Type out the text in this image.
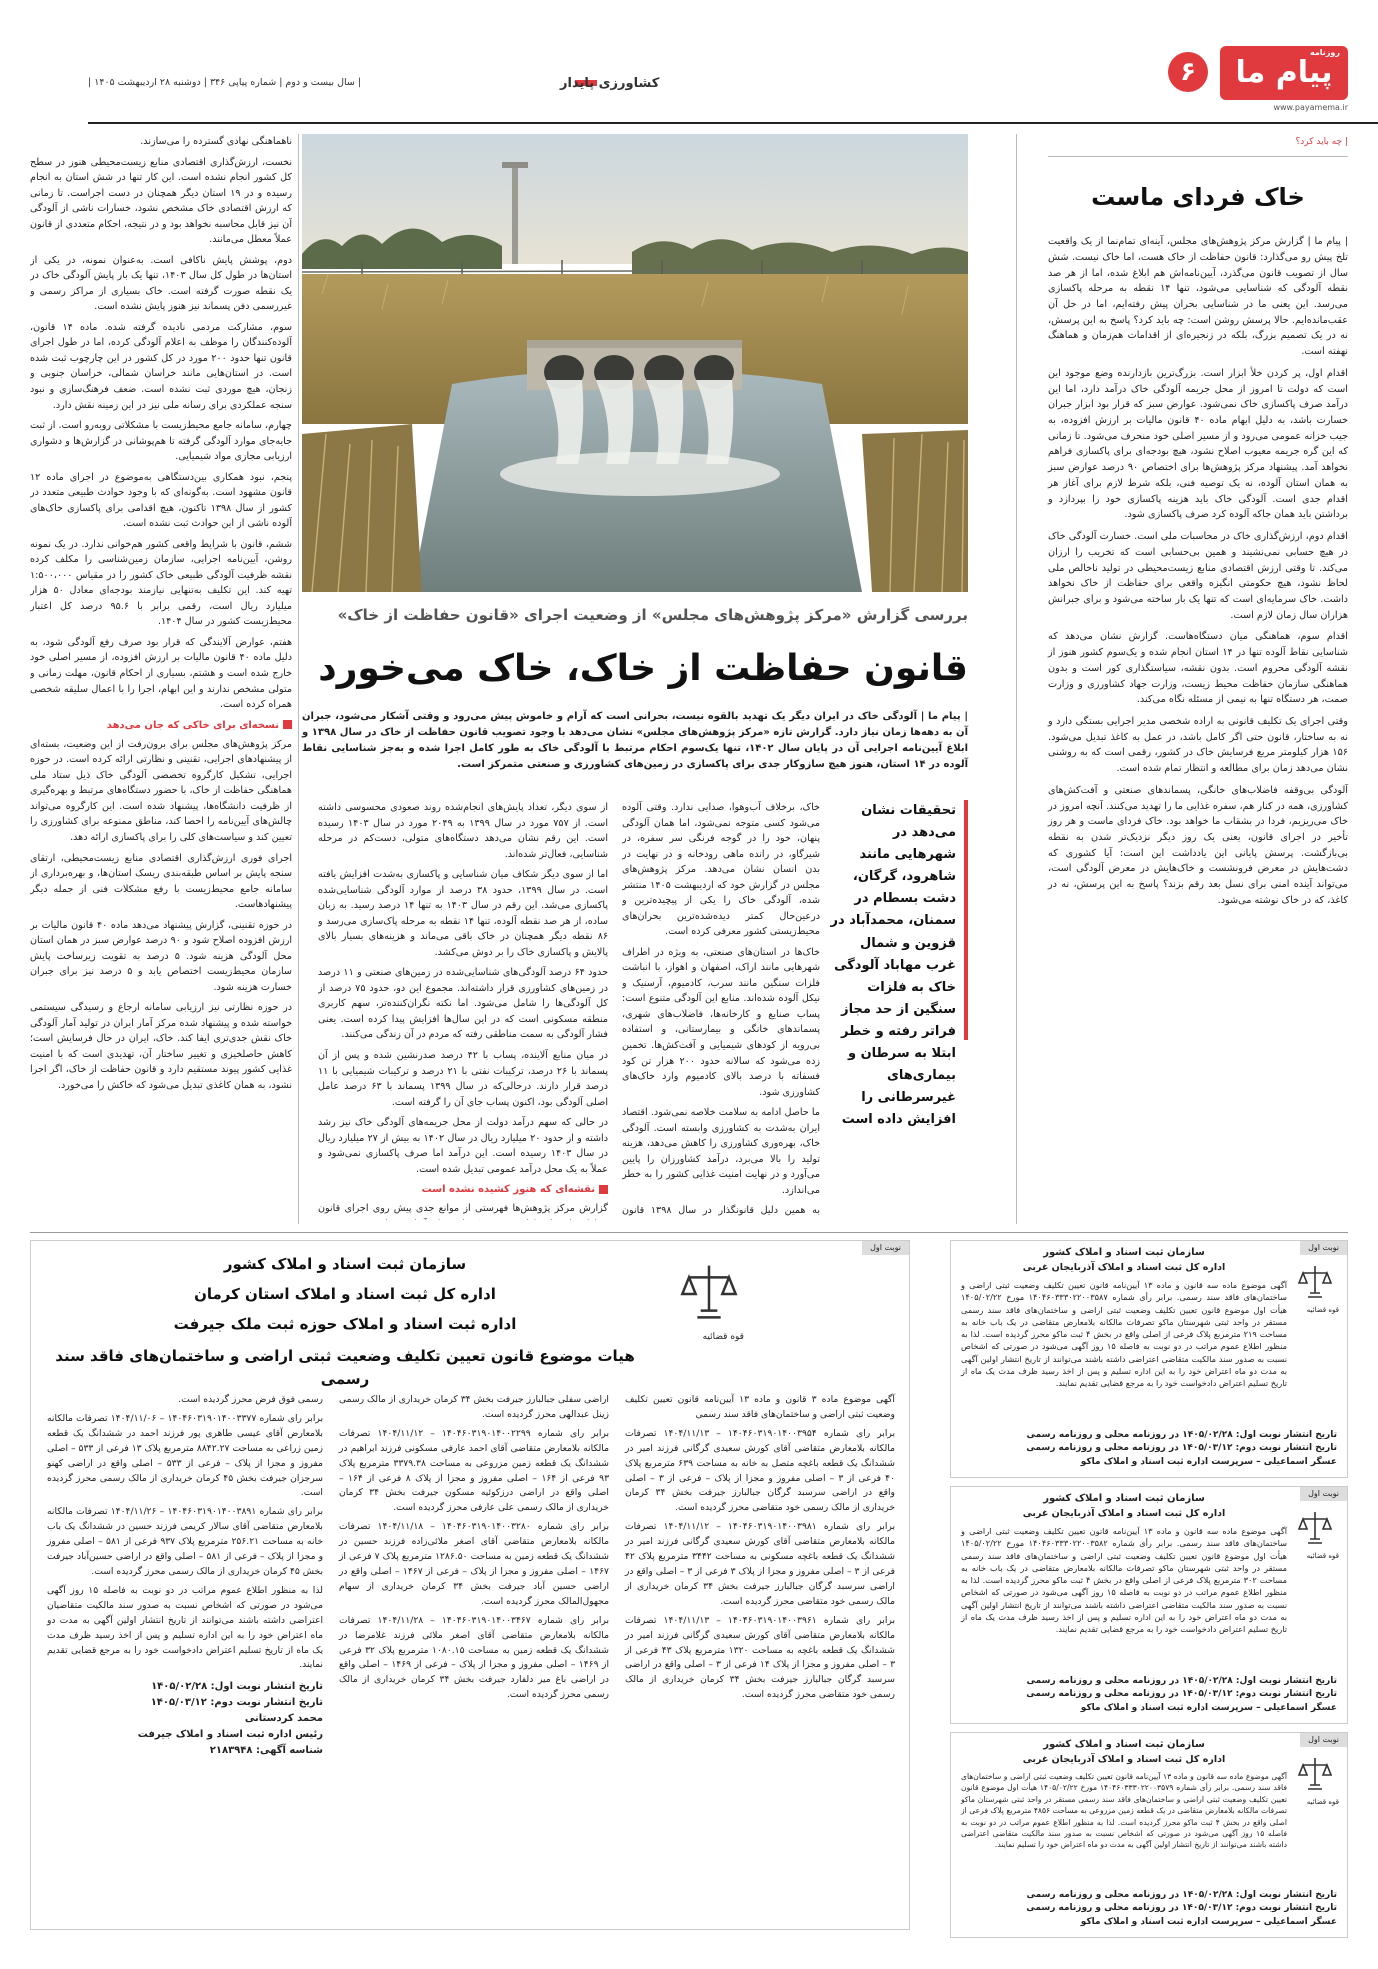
روزنامه
پیام ما
۶
www.payamema.ir
کشاورزی پایدار
| سال بیست و دوم | شماره پیاپی ۳۴۶ | دوشنبه ۲۸ اردیبهشت ۱۴۰۵ |
| چه باید کرد؟
خاک فردای ماست

| پیام ما | گزارش مرکز پژوهش‌های مجلس، آینه‌ای تمام‌نما از یک واقعیت تلخ پیش رو می‌گذارد: قانون حفاظت از خاک هست، اما خاک نیست. شش سال از تصویب قانون می‌گذرد، آیین‌نامه‌اش هم ابلاغ شده، اما از هر صد نقطه آلودگی که شناسایی می‌شود، تنها ۱۴ نقطه به مرحله پاکسازی می‌رسد. این یعنی ما در شناسایی بحران پیش رفته‌ایم، اما در حل آن عقب‌مانده‌ایم. حالا پرسش روشن است: چه باید کرد؟ پاسخ به این پرسش، نه در یک تصمیم بزرگ، بلکه در زنجیره‌ای از اقدامات هم‌زمان و هماهنگ نهفته است.

اقدام اول، پر کردن خلأ ابزار است. بزرگ‌ترین بازدارنده وضع موجود این است که دولت تا امروز از محل جریمه آلودگی خاک درآمد دارد، اما این درآمد صرف پاکسازی خاک نمی‌شود. عوارض سبز که قرار بود ابزار جبران خسارت باشد، به دلیل ابهام ماده ۴۰ قانون مالیات بر ارزش افزوده، به جیب خزانه عمومی می‌رود و از مسیر اصلی خود منحرف می‌شود. تا زمانی که این گره جریمه معیوب اصلاح نشود، هیچ بودجه‌ای برای پاکسازی فراهم نخواهد آمد. پیشنهاد مرکز پژوهش‌ها برای اختصاص ۹۰ درصد عوارض سبز به همان استان آلوده، نه یک توصیه فنی، بلکه شرط لازم برای آغاز هر اقدام جدی است. آلودگی خاک باید هزینه پاکسازی خود را بپردازد و برداشتن باید همان جاکه آلوده کرد صرف پاکسازی شود.

اقدام دوم، ارزش‌گذاری خاک در محاسبات ملی است. خسارت آلودگی خاک در هیچ حسابی نمی‌نشیند و همین بی‌حسابی است که تخریب را ارزان می‌کند. تا وقتی ارزش اقتصادی منابع زیست‌محیطی در تولید ناخالص ملی لحاظ نشود، هیچ حکومتی انگیزه واقعی برای حفاظت از خاک نخواهد داشت. خاک سرمایه‌ای است که تنها یک بار ساخته می‌شود و برای جبرانش هزاران سال زمان لازم است.

اقدام سوم، هماهنگی میان دستگاه‌هاست. گزارش نشان می‌دهد که شناسایی نقاط آلوده تنها در ۱۴ استان انجام شده و یک‌سوم کشور هنوز از نقشه آلودگی محروم است. بدون نقشه، سیاستگذاری کور است و بدون هماهنگی سازمان حفاظت محیط زیست، وزارت جهاد کشاورزی و وزارت صمت، هر دستگاه تنها به نیمی از مسئله نگاه می‌کند.

وقتی اجرای یک تکلیف قانونی به اراده شخصی مدیر اجرایی بستگی دارد و نه به ساختار، قانون حتی اگر کامل باشد، در عمل به کاغذ تبدیل می‌شود. ۱۵۶ هزار کیلومتر مربع فرسایش خاک در کشور، رقمی است که به روشنی نشان می‌دهد زمان برای مطالعه و انتظار تمام شده است.

آلودگی بی‌وقفه فاضلاب‌های خانگی، پسماندهای صنعتی و آفت‌کش‌های کشاورزی، همه در کنار هم، سفره غذایی ما را تهدید می‌کنند. آنچه امروز در خاک می‌ریزیم، فردا در بشقاب ما خواهد بود. خاک فردای ماست و هر روز تأخیر در اجرای قانون، یعنی یک روز دیگر نزدیک‌تر شدن به نقطه بی‌بازگشت. پرسش پایانی این یادداشت این است: آیا کشوری که دشت‌هایش در معرض فرونشست و خاک‌هایش در معرض آلودگی است، می‌تواند آینده امنی برای نسل بعد رقم بزند؟ پاسخ به این پرسش، نه در کاغذ، که در خاک نوشته می‌شود.

بررسی گزارش «مرکز پژوهش‌های مجلس» از وضعیت اجرای «قانون حفاظت از خاک»
قانون حفاظت از خاک، خاک می‌خورد
| پیام ما | آلودگی خاک در ایران دیگر یک تهدید بالقوه نیست، بحرانی است که آرام و خاموش پیش می‌رود و وقتی آشکار می‌شود، جبران آن به دهه‌ها زمان نیاز دارد. گزارش تازه «مرکز پژوهش‌های مجلس» نشان می‌دهد با وجود تصویب قانون حفاظت از خاک در سال ۱۳۹۸ و ابلاغ آیین‌نامه اجرایی آن در پایان سال ۱۴۰۲، تنها یک‌سوم احکام مرتبط با آلودگی خاک به طور کامل اجرا شده و به‌جز شناسایی نقاط آلوده در ۱۴ استان، هنوز هیچ سازوکار جدی برای پاکسازی در زمین‌های کشاورزی و صنعتی متمرکز است.
تحقیقات نشان می‌دهد در شهرهایی مانند شاهرود، گرگان، دشت بسطام در سمنان، محمدآباد در قزوین و شمال غرب مهاباد آلودگی خاک به فلزات سنگین از حد مجاز فراتر رفته و خطر ابتلا به سرطان و بیماری‌های غیرسرطانی را افزایش داده است

خاک، برخلاف آب‌وهوا، صدایی ندارد. وقتی آلوده می‌شود کسی متوجه نمی‌شود، اما همان آلودگی پنهان، خود را در گوجه فرنگی سر سفره، در شیرگاو، در رانده ماهی رودخانه و در نهایت در بدن انسان نشان می‌دهد. مرکز پژوهش‌های مجلس در گزارش خود که اردیبهشت ۱۴۰۵ منتشر شده، آلودگی خاک را یکی از پیچیده‌ترین و درعین‌حال کمتر دیده‌شده‌ترین بحران‌های محیط‌زیستی کشور معرفی کرده است.

خاک‌ها در استان‌های صنعتی، به ویژه در اطراف شهرهایی مانند اراک، اصفهان و اهواز، با انباشت فلزات سنگین مانند سرب، کادمیوم، آرسنیک و نیکل آلوده شده‌اند. منابع این آلودگی متنوع است: پساب صنایع و کارخانه‌ها، فاضلاب‌های شهری، پسماندهای خانگی و بیمارستانی، و استفاده بی‌رویه از کودهای شیمیایی و آفت‌کش‌ها. تخمین زده می‌شود که سالانه حدود ۲۰۰ هزار تن کود فسفاته با درصد بالای کادمیوم وارد خاک‌های کشاورزی شود.

ما حاصل ادامه به سلامت خلاصه نمی‌شود. اقتصاد ایران به‌شدت به کشاورزی وابسته است. آلودگی خاک، بهره‌وری کشاورزی را کاهش می‌دهد، هزینه تولید را بالا می‌برد، درآمد کشاورزان را پایین می‌آورد و در نهایت امنیت غذایی کشور را به خطر می‌اندازد.

به همین دلیل قانونگذار در سال ۱۳۹۸ قانون

از سوی دیگر، تعداد پایش‌های انجام‌شده روند صعودی محسوسی داشته است. از ۷۵۷ مورد در سال ۱۳۹۹ به ۲۰۴۹ مورد در سال ۱۴۰۳ رسیده است. این رقم نشان می‌دهد دستگاه‌های متولی، دست‌کم در مرحله شناسایی، فعال‌تر شده‌اند.

اما از سوی دیگر شکاف میان شناسایی و پاکسازی به‌شدت افزایش یافته است. در سال ۱۳۹۹، حدود ۳۸ درصد از موارد آلودگی شناسایی‌شده پاکسازی می‌شد. این رقم در سال ۱۴۰۳ به تنها ۱۴ درصد رسید. به زبان ساده، از هر صد نقطه آلوده، تنها ۱۴ نقطه به مرحله پاک‌سازی می‌رسد و ۸۶ نقطه دیگر همچنان در خاک باقی می‌ماند و هزینه‌های بسیار بالای پالایش و پاکسازی خاک را بر دوش می‌کشد.

حدود ۶۴ درصد آلودگی‌های شناسایی‌شده در زمین‌های صنعتی و ۱۱ درصد در زمین‌های کشاورزی قرار داشته‌اند. مجموع این دو، حدود ۷۵ درصد از کل آلودگی‌ها را شامل می‌شود. اما نکته نگران‌کننده‌تر، سهم کاربری منطقه مسکونی است که در این سال‌ها افزایش پیدا کرده است. یعنی فشار آلودگی به سمت مناطقی رفته که مردم در آن زندگی می‌کنند.

در میان منابع آلاینده، پساب با ۴۲ درصد صدرنشین شده و پس از آن پسماند با ۲۶ درصد، ترکیبات نفتی با ۲۱ درصد و ترکیبات شیمیایی با ۱۱ درصد قرار دارند. درحالی‌که در سال ۱۳۹۹ پسماند با ۶۳ درصد عامل اصلی آلودگی بود، اکنون پساب جای آن را گرفته است.

در حالی که سهم درآمد دولت از محل جریمه‌های آلودگی خاک نیز رشد داشته و از حدود ۲۰ میلیارد ریال در سال ۱۴۰۲ به بیش از ۲۷ میلیارد ریال در سال ۱۴۰۳ رسیده است. این درآمد اما صرف پاکسازی نمی‌شود و عملاً به یک محل درآمد عمومی تبدیل شده است.

نقشه‌ای که هنوز کشیده نشده است

گزارش مرکز پژوهش‌ها فهرستی از موانع جدی پیش روی اجرای قانون

ناهماهنگی نهادی گسترده را می‌سازند.

نخست، ارزش‌گذاری اقتصادی منابع زیست‌محیطی هنوز در سطح کل کشور انجام نشده است. این کار تنها در شش استان به انجام رسیده و در ۱۹ استان دیگر همچنان در دست اجراست. تا زمانی که ارزش اقتصادی خاک مشخص نشود، خسارات ناشی از آلودگی آن نیز قابل محاسبه نخواهد بود و در نتیجه، احکام متعددی از قانون عملاً معطل می‌مانند.

دوم، پوشش پایش ناکافی است. به‌عنوان نمونه، در یکی از استان‌ها در طول کل سال ۱۴۰۳، تنها یک بار پایش آلودگی خاک در یک نقطه صورت گرفته است. خاک بسیاری از مراکز رسمی و غیررسمی دفن پسماند نیز هنوز پایش نشده است.

سوم، مشارکت مردمی نادیده گرفته شده. ماده ۱۴ قانون، آلوده‌کنندگان را موظف به اعلام آلودگی کرده، اما در طول اجرای قانون تنها حدود ۲۰۰ مورد در کل کشور در این چارچوب ثبت شده است. در استان‌هایی مانند خراسان شمالی، خراسان جنوبی و زنجان، هیچ موردی ثبت نشده است. ضعف فرهنگ‌سازی و نبود سنجه عملکردی برای رسانه ملی نیز در این زمینه نقش دارد.

چهارم، سامانه جامع محیط‌زیست با مشکلاتی روبه‌رو است. از ثبت جایه‌جای موارد آلودگی گرفته تا هم‌پوشانی در گزارش‌ها و دشواری ارزیابی مجازی مواد شیمیایی.

پنجم، نبود همکاری بین‌دستگاهی به‌موضوع در اجرای ماده ۱۲ قانون مشهود است. به‌گونه‌ای که با وجود حوادث طبیعی متعدد در کشور از سال ۱۳۹۸ تاکنون، هیچ اقدامی برای پاکسازی خاک‌های آلوده ناشی از این حوادث ثبت نشده است.

ششم، قانون با شرایط واقعی کشور هم‌خوانی ندارد. در یک نمونه روشن، آیین‌نامه اجرایی، سازمان زمین‌شناسی را مکلف کرده نقشه ظرفیت آلودگی طبیعی خاک کشور را در مقیاس ۱:۵۰۰،۰۰۰ تهیه کند. این تکلیف به‌تنهایی نیازمند بودجه‌ای معادل ۵۰ هزار میلیارد ریال است، رقمی برابر با ۹۵.۶ درصد کل اعتبار محیط‌زیست کشور در سال ۱۴۰۴.

هفتم، عوارض آلایندگی که قرار بود صرف رفع آلودگی شود، به دلیل ماده ۴۰ قانون مالیات بر ارزش افزوده، از مسیر اصلی خود خارج شده است و هشتم، بسیاری از احکام قانون، مهلت زمانی و متولی مشخص ندارند و این ابهام، اجرا را با اعمال سلیقه شخصی همراه کرده است.

نسخه‌ای برای خاکی که جان می‌دهد

مرکز پژوهش‌های مجلس برای برون‌رفت از این وضعیت، بسته‌ای از پیشنهادهای اجرایی، تقنینی و نظارتی ارائه کرده است. در حوزه اجرایی، تشکیل کارگروه تخصصی آلودگی خاک ذیل ستاد ملی هماهنگی حفاظت از خاک، با حضور دستگاه‌های مرتبط و بهره‌گیری از ظرفیت دانشگاه‌ها، پیشنهاد شده است. این کارگروه می‌تواند چالش‌های آیین‌نامه را احصا کند، مناطق ممنوعه برای کشاورزی را تعیین کند و سیاست‌های کلی را برای پاکسازی ارائه دهد.

اجرای فوری ارزش‌گذاری اقتصادی منابع زیست‌محیطی، ارتقای سنجه پایش بر اساس طبقه‌بندی ریسک استان‌ها، و بهره‌برداری از سامانه جامع محیط‌زیست با رفع مشکلات فنی از جمله دیگر پیشنهادهاست.

در حوزه تقنینی، گزارش پیشنهاد می‌دهد ماده ۴۰ قانون مالیات بر ارزش افزوده اصلاح شود و ۹۰ درصد عوارض سبز در همان استان محل آلودگی هزینه شود. ۵ درصد به تقویت زیرساخت پایش سازمان محیط‌زیست اختصاص یابد و ۵ درصد نیز برای جبران خسارت هزینه شود.

در حوزه نظارتی نیز ارزیابی سامانه ارجاع و رسیدگی سیستمی خواسته شده و پیشنهاد شده مرکز آمار ایران در تولید آمار آلودگی خاک نقش جدی‌تری ایفا کند. خاک، ایران در حال فرسایش است؛ کاهش حاصلخیزی و تغییر ساختار آن، تهدیدی است که با امنیت غذایی کشور پیوند مستقیم دارد و قانون حفاظت از خاک، اگر اجرا نشود، به همان کاغذی تبدیل می‌شود که خاکش را می‌خورد.

نوبت اول
قوه قضائیه
سازمان ثبت اسناد و املاک کشور
اداره کل ثبت اسناد و املاک آذربایجان غربی
آگهی موضوع ماده سه قانون و ماده ۱۳ آیین‌نامه قانون تعیین تکلیف وضعیت ثبتی اراضی و ساختمان‌های فاقد سند رسمی. برابر رأی شماره ۱۴۰۴۶۰۳۳۳۰۲۲۰۰۳۵۸۷ مورخ ۱۴۰۵/۰۲/۲۲ هیأت اول موضوع قانون تعیین تکلیف وضعیت ثبتی اراضی و ساختمان‌های فاقد سند رسمی مستقر در واحد ثبتی شهرستان ماکو تصرفات مالکانه بلامعارض متقاضی در یک باب خانه به مساحت ۲۱۹ مترمربع پلاک فرعی از اصلی واقع در بخش ۴ ثبت ماکو محرز گردیده است. لذا به منظور اطلاع عموم مراتب در دو نوبت به فاصله ۱۵ روز آگهی می‌شود در صورتی که اشخاص نسبت به صدور سند مالکیت متقاضی اعتراضی داشته باشند می‌توانند از تاریخ انتشار اولین آگهی به مدت دو ماه اعتراض خود را به این اداره تسلیم و پس از اخذ رسید ظرف مدت یک ماه از تاریخ تسلیم اعتراض دادخواست خود را به مرجع قضایی تقدیم نمایند.
تاریخ انتشار نوبت اول: ۱۴۰۵/۰۲/۲۸ در روزنامه محلی و روزنامه رسمی
تاریخ انتشار نوبت دوم: ۱۴۰۵/۰۳/۱۲ در روزنامه محلی و روزنامه رسمی
عسگر اسماعیلی – سرپرست اداره ثبت اسناد و املاک ماکو
نوبت اول
قوه قضائیه
سازمان ثبت اسناد و املاک کشور
اداره کل ثبت اسناد و املاک آذربایجان غربی
آگهی موضوع ماده سه قانون و ماده ۱۳ آیین‌نامه قانون تعیین تکلیف وضعیت ثبتی اراضی و ساختمان‌های فاقد سند رسمی. برابر رأی شماره ۱۴۰۴۶۰۳۳۳۰۲۲۰۰۳۵۸۲ مورخ ۱۴۰۵/۰۲/۲۲ هیأت اول موضوع قانون تعیین تکلیف وضعیت ثبتی اراضی و ساختمان‌های فاقد سند رسمی مستقر در واحد ثبتی شهرستان ماکو تصرفات مالکانه بلامعارض متقاضی در یک باب خانه به مساحت ۳۰۲ مترمربع پلاک فرعی از اصلی واقع در بخش ۴ ثبت ماکو محرز گردیده است. لذا به منظور اطلاع عموم مراتب در دو نوبت به فاصله ۱۵ روز آگهی می‌شود در صورتی که اشخاص نسبت به صدور سند مالکیت متقاضی اعتراضی داشته باشند می‌توانند از تاریخ انتشار اولین آگهی به مدت دو ماه اعتراض خود را به این اداره تسلیم و پس از اخذ رسید ظرف مدت یک ماه از تاریخ تسلیم اعتراض دادخواست خود را به مرجع قضایی تقدیم نمایند.
تاریخ انتشار نوبت اول: ۱۴۰۵/۰۲/۲۸ در روزنامه محلی و روزنامه رسمی
تاریخ انتشار نوبت دوم: ۱۴۰۵/۰۳/۱۲ در روزنامه محلی و روزنامه رسمی
عسگر اسماعیلی – سرپرست اداره ثبت اسناد و املاک ماکو
نوبت اول
قوه قضائیه
سازمان ثبت اسناد و املاک کشور
اداره کل ثبت اسناد و املاک آذربایجان غربی
آگهی موضوع ماده سه قانون و ماده ۱۳ آیین‌نامه قانون تعیین تکلیف وضعیت ثبتی اراضی و ساختمان‌های فاقد سند رسمی. برابر رأی شماره ۱۴۰۴۶۰۳۳۳۰۲۲۰۰۳۵۷۹ مورخ ۱۴۰۵/۰۲/۲۲ هیأت اول موضوع قانون تعیین تکلیف وضعیت ثبتی اراضی و ساختمان‌های فاقد سند رسمی مستقر در واحد ثبتی شهرستان ماکو تصرفات مالکانه بلامعارض متقاضی در یک قطعه زمین مزروعی به مساحت ۴۸۵۶ مترمربع پلاک فرعی از اصلی واقع در بخش ۴ ثبت ماکو محرز گردیده است. لذا به منظور اطلاع عموم مراتب در دو نوبت به فاصله ۱۵ روز آگهی می‌شود در صورتی که اشخاص نسبت به صدور سند مالکیت متقاضی اعتراضی داشته باشند می‌توانند از تاریخ انتشار اولین آگهی به مدت دو ماه اعتراض خود را تسلیم نمایند.
تاریخ انتشار نوبت اول: ۱۴۰۵/۰۲/۲۸ در روزنامه محلی و روزنامه رسمی
تاریخ انتشار نوبت دوم: ۱۴۰۵/۰۳/۱۲ در روزنامه محلی و روزنامه رسمی
عسگر اسماعیلی – سرپرست اداره ثبت اسناد و املاک ماکو
نوبت اول
قوه قضائیه
سازمان ثبت اسناد و املاک کشور
اداره کل ثبت اسناد و املاک استان کرمان
اداره ثبت اسناد و املاک حوزه ثبت ملک جیرفت
هیات موضوع قانون تعیین تکلیف وضعیت ثبتی اراضی و ساختمان‌های فاقد سند رسمی

آگهی موضوع ماده ۳ قانون و ماده ۱۳ آیین‌نامه قانون تعیین تکلیف وضعیت ثبتی اراضی و ساختمان‌های فاقد سند رسمی

برابر رای شماره ۱۴۰۴۶۰۳۱۹۰۱۴۰۰۳۹۵۴ – ۱۴۰۴/۱۱/۱۳ تصرفات مالکانه بلامعارض متقاضی آقای کورش سعیدی گرگانی فرزند امیر در ششدانگ یک قطعه باغچه متصل به خانه به مساحت ۶۳۹ مترمربع پلاک ۴۰ فرعی از ۳ – اصلی مفروز و مجزا از پلاک – فرعی از ۳ – اصلی واقع در اراضی سرسبد گرگان جبالبارز جیرفت بخش ۳۴ کرمان خریداری از مالک رسمی خود متقاضی محرز گردیده است.

برابر رای شماره ۱۴۰۴۶۰۳۱۹۰۱۴۰۰۳۹۸۱ – ۱۴۰۴/۱۱/۱۲ تصرفات مالکانه بلامعارض متقاضی آقای کورش سعیدی گرگانی فرزند امیر در ششدانگ یک قطعه باغچه مسکونی به مساحت ۳۴۴۲ مترمربع پلاک ۴۲ فرعی از ۳ – اصلی مفروز و مجزا از پلاک ۳ فرعی از ۳ – اصلی واقع در اراضی سرسبد گرگان جبالبارز جیرفت بخش ۳۴ کرمان خریداری از مالک رسمی خود متقاضی محرز گردیده است.

برابر رای شماره ۱۴۰۴۶۰۳۱۹۰۱۴۰۰۳۹۶۱ – ۱۴۰۴/۱۱/۱۳ تصرفات مالکانه بلامعارض متقاضی آقای کورش سعیدی گرگانی فرزند امیر در ششدانگ یک قطعه باغچه به مساحت ۱۳۲۰ مترمربع پلاک ۴۳ فرعی از ۳ – اصلی مفروز و مجزا از پلاک ۱۴ فرعی از ۳ – اصلی واقع در اراضی سرسبد گرگان جبالبارز جیرفت بخش ۳۴ کرمان خریداری از مالک رسمی خود متقاضی محرز گردیده است.

اراضی سفلی جبالبارز جیرفت بخش ۳۴ کرمان خریداری از مالک رسمی زینل عبدالهی محرز گردیده است.

برابر رای شماره ۱۴۰۴۶۰۳۱۹۰۱۴۰۰۲۲۹۹ – ۱۴۰۴/۱۱/۱۲ تصرفات مالکانه بلامعارض متقاضی آقای احمد عارفی مسکونی فرزند ابراهیم در ششدانگ یک قطعه زمین مزروعی به مساحت ۳۳۷۹.۳۸ مترمربع پلاک ۹۳ فرعی از ۱۶۴ – اصلی مفروز و مجزا از پلاک ۸ فرعی از ۱۶۴ – اصلی واقع در اراضی درزکوئیه مسکون جیرفت بخش ۳۴ کرمان خریداری از مالک رسمی علی عارفی محرز گردیده است.

برابر رای شماره ۱۴۰۴۶۰۳۱۹۰۱۴۰۰۳۲۸۰ – ۱۴۰۴/۱۱/۱۸ تصرفات مالکانه بلامعارض متقاضی آقای اصغر ملائی‌زاده فرزند حسین در ششدانگ یک قطعه زمین به مساحت ۱۲۸۶.۵۰ مترمربع پلاک ۷ فرعی از ۱۴۶۷ – اصلی مفروز و مجزا از پلاک – فرعی از ۱۴۶۷ – اصلی واقع در اراضی حسین آباد جیرفت بخش ۳۴ کرمان خریداری از سهام مجهول‌المالک محرز گردیده است.

برابر رای شماره ۱۴۰۴۶۰۳۱۹۰۱۴۰۰۳۴۶۷ – ۱۴۰۴/۱۱/۲۸ تصرفات مالکانه بلامعارض متقاضی آقای اصغر ملائی فرزند غلامرضا در ششدانگ یک قطعه زمین به مساحت ۱۰۸۰.۱۵ مترمربع پلاک ۳۲ فرعی از ۱۴۶۹ – اصلی مفروز و مجزا از پلاک – فرعی از ۱۴۶۹ – اصلی واقع در اراضی باغ میر دلفارد جیرفت بخش ۳۴ کرمان خریداری از مالک رسمی محرز گردیده است.

رسمی فوق فرض محرز گردیده است.

برابر رای شماره ۱۴۰۴۶۰۳۱۹۰۱۴۰۰۳۳۷۷ – ۱۴۰۴/۱۱/۰۶ تصرفات مالکانه بلامعارض آقای عیسی طاهری پور فرزند احمد در ششدانگ یک قطعه زمین زراعی به مساحت ۸۸۴۲.۲۷ مترمربع پلاک ۱۳ فرعی از ۵۳۳ – اصلی مفروز و مجزا از پلاک – فرعی از ۵۳۳ – اصلی واقع در اراضی کهنو سرجزان جیرفت بخش ۴۵ کرمان خریداری از مالک رسمی محرز گردیده است.

برابر رای شماره ۱۴۰۴۶۰۳۱۹۰۱۴۰۰۳۸۹۱ – ۱۴۰۴/۱۱/۲۶ تصرفات مالکانه بلامعارض متقاضی آقای سالار کریمی فرزند حسین در ششدانگ یک باب خانه به مساحت ۲۵۶.۲۱ مترمربع پلاک ۹۳۷ فرعی از ۵۸۱ – اصلی مفروز و مجزا از پلاک – فرعی از ۵۸۱ – اصلی واقع در اراضی حسین‌آباد جیرفت بخش ۴۵ کرمان خریداری از مالک رسمی محرز گردیده است.

لذا به منظور اطلاع عموم مراتب در دو نوبت به فاصله ۱۵ روز آگهی می‌شود در صورتی که اشخاص نسبت به صدور سند مالکیت متقاضیان اعتراضی داشته باشند می‌توانند از تاریخ انتشار اولین آگهی به مدت دو ماه اعتراض خود را به این اداره تسلیم و پس از اخذ رسید ظرف مدت یک ماه از تاریخ تسلیم اعتراض دادخواست خود را به مرجع قضایی تقدیم نمایند.

تاریخ انتشار نوبت اول: ۱۴۰۵/۰۲/۲۸
تاریخ انتشار نوبت دوم: ۱۴۰۵/۰۳/۱۲
محمد کردستانی
رئیس اداره ثبت اسناد و املاک جیرفت
شناسه آگهی: ۲۱۸۳۹۴۸
